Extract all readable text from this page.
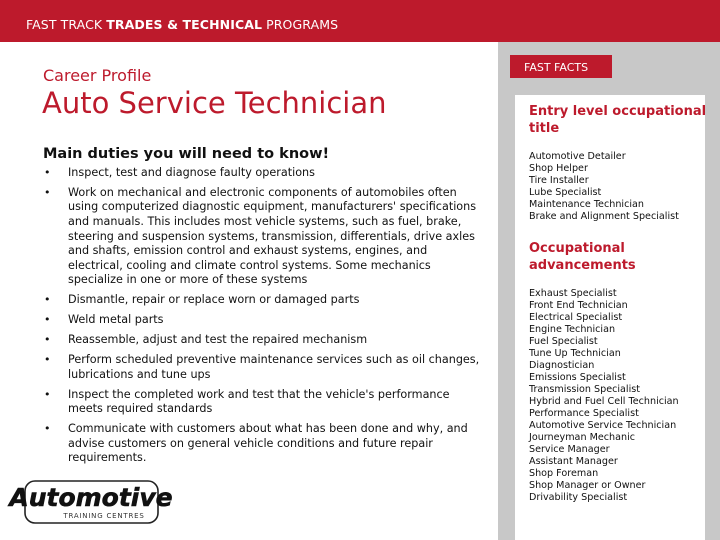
FAST TRACK TRADES & TECHNICAL PROGRAMS
FAST FACTS
Entry level occupational title
Automotive Detailer
Shop Helper
Tire Installer
Lube Specialist
Maintenance Technician
Brake and Alignment Specialist
Occupational advancements
Exhaust Specialist
Front End Technician
Electrical Specialist
Engine Technician
Fuel Specialist
Tune Up Technician
Diagnostician
Emissions Specialist
Transmission Specialist
Hybrid and Fuel Cell Technician
Performance Specialist
Automotive Service Technician
Journeyman Mechanic
Service Manager
Assistant Manager
Shop Foreman
Shop Manager or Owner
Drivability Specialist
Career Profile
Auto Service Technician
Main duties you will need to know!
• Inspect, test and diagnose faulty operations
• Work on mechanical and electronic components of automobiles often using computerized diagnostic equipment, manufacturers' specifications and manuals. This includes most vehicle systems, such as fuel, brake, steering and suspension systems, transmission, differentials, drive axles and shafts, emission control and exhaust systems, engines, and electrical, cooling and climate control systems. Some mechanics specialize in one or more of these systems
• Dismantle, repair or replace worn or damaged parts
• Weld metal parts
• Reassemble, adjust and test the repaired mechanism
• Perform scheduled preventive maintenance services such as oil changes, lubrications and tune ups
• Inspect the completed work and test that the vehicle's performance meets required standards
• Communicate with customers about what has been done and why, and advise customers on general vehicle conditions and future repair requirements.
Automotive
TRAINING CENTRES
